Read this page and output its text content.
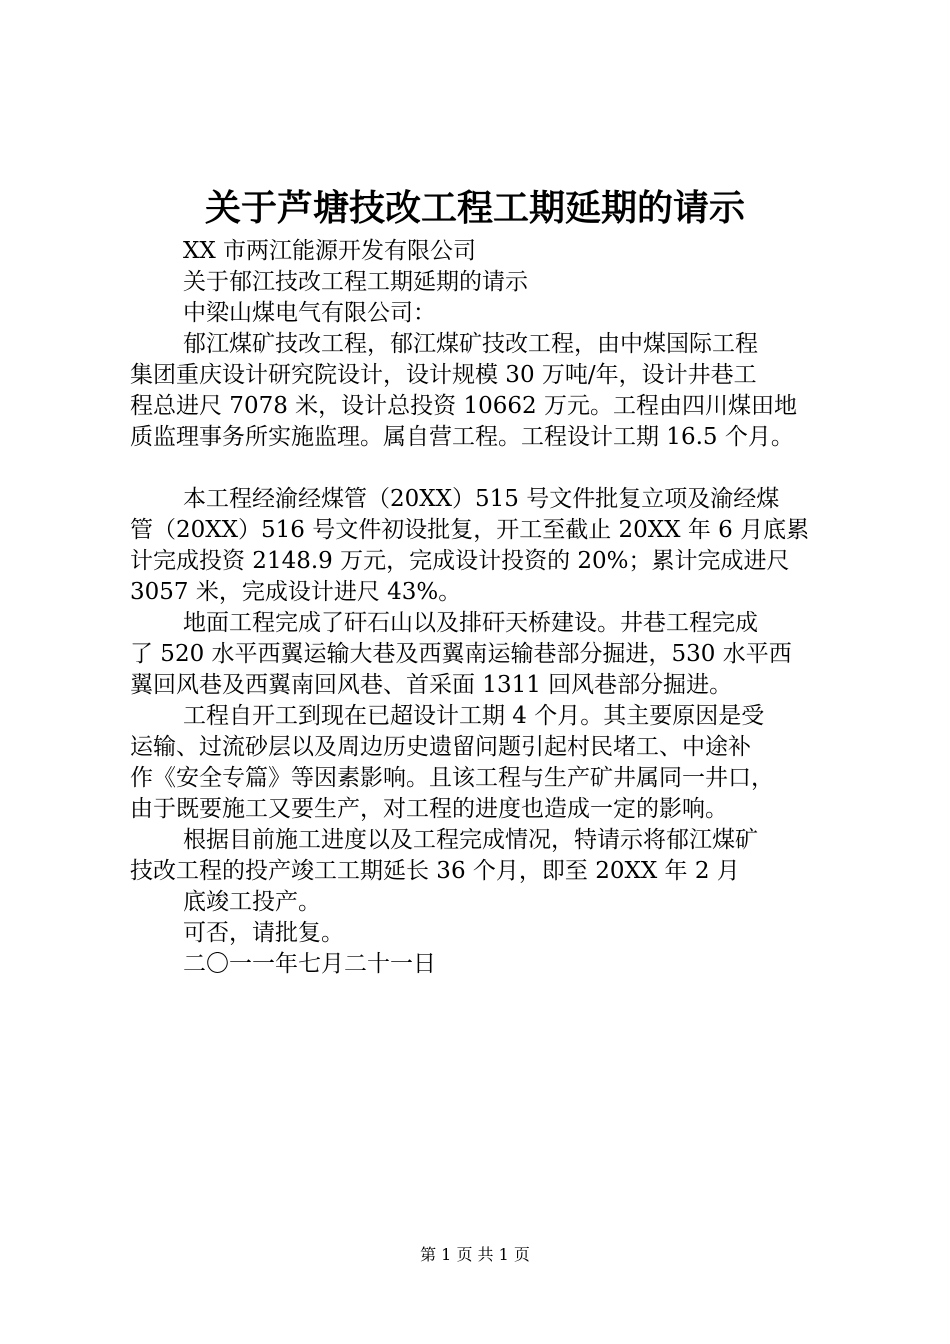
关于芦塘技改工程工期延期的请示
XX 市两江能源开发有限公司
关于郁江技改工程工期延期的请示
中梁山煤电气有限公司：
郁江煤矿技改工程，郁江煤矿技改工程，由中煤国际工程
集团重庆设计研究院设计，设计规模 30 万吨/年，设计井巷工
程总进尺 7078 米，设计总投资 10662 万元。工程由四川煤田地
质监理事务所实施监理。属自营工程。工程设计工期 16.5 个月。
本工程经渝经煤管（20XX）515 号文件批复立项及渝经煤
管（20XX）516 号文件初设批复，开工至截止 20XX 年 6 月底累
计完成投资 2148.9 万元，完成设计投资的 20%；累计完成进尺
3057 米，完成设计进尺 43%。
地面工程完成了矸石山以及排矸天桥建设。井巷工程完成
了 520 水平西翼运输大巷及西翼南运输巷部分掘进，530 水平西
翼回风巷及西翼南回风巷、首采面 1311 回风巷部分掘进。
工程自开工到现在已超设计工期 4 个月。其主要原因是受
运输、过流砂层以及周边历史遗留问题引起村民堵工、中途补
作《安全专篇》等因素影响。且该工程与生产矿井属同一井口，
由于既要施工又要生产，对工程的进度也造成一定的影响。
根据目前施工进度以及工程完成情况，特请示将郁江煤矿
技改工程的投产竣工工期延长 36 个月，即至 20XX 年 2 月
底竣工投产。
可否，请批复。
二〇一一年七月二十一日
第 1 页 共 1 页
